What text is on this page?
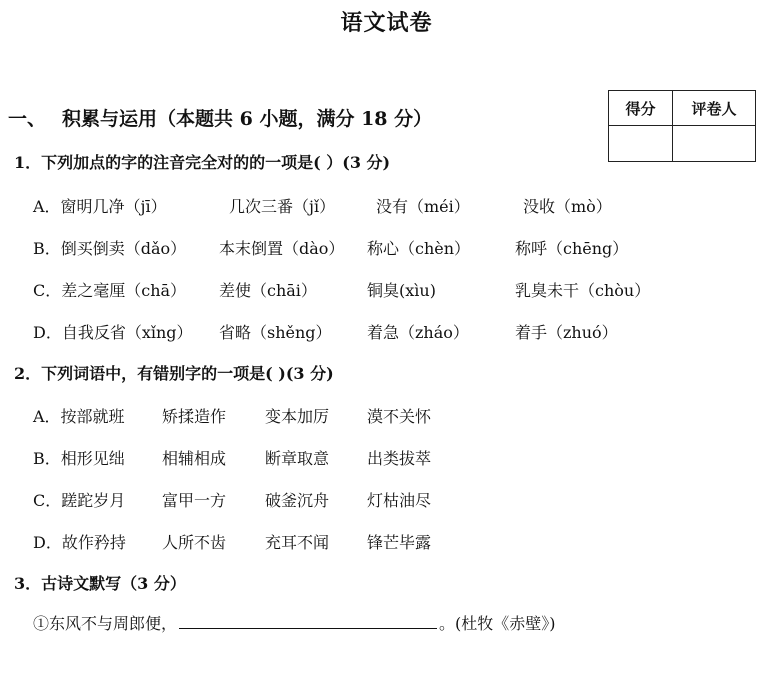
语文试卷
得分	评卷人

一、 积累与运用（本题共 6 小题，满分 18 分）
1．下列加点的字的注音完全对的的一项是( ）(3 分)
A．窗明几净（jī）	几次三番（jǐ）	没有（méi）	没收（mò）
B．倒买倒卖（dǎo） 本末倒置（dào） 称心（chèn）	称呼（chēng）
C．差之毫厘（chā） 差使（chāi）	铜臭(xìu)	乳臭未干（chòu）
D．自我反省（xǐng） 省略（shěng） 着急（zháo）	着手（zhuó）
2．下列词语中，有错别字的一项是( )(3 分)
A．按部就班 矫揉造作 变本加厉 漠不关怀
B．相形见绌 相辅相成 断章取意 出类拔萃
C．蹉跎岁月 富甲一方 破釜沉舟 灯枯油尽
D．故作矜持 人所不齿 充耳不闻 锋芒毕露
3．古诗文默写（3 分）
①东风不与周郎便，	。(杜牧《赤壁》)
